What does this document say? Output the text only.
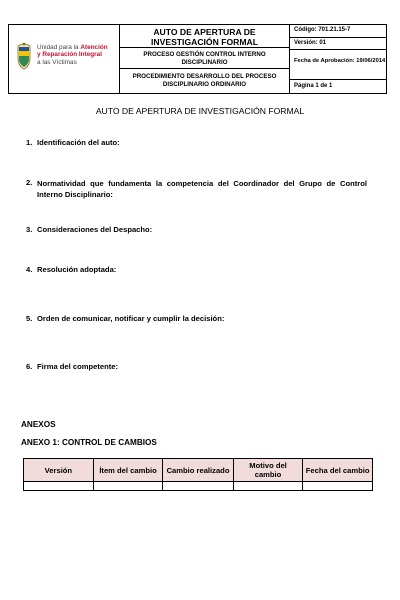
Unidad para la Atención
y Reparación Integral
a las Víctimas
AUTO DE APERTURA DE INVESTIGACIÓN FORMAL
PROCESO GESTIÓN CONTROL INTERNO DISCIPLINARIO
PROCEDIMIENTO DESARROLLO DEL PROCESO DISCIPLINARIO ORDINARIO
Código: 701.21.15-7
Versión: 01
Fecha de Aprobación: 19/06/2014
Página 1 de 1
AUTO DE APERTURA DE INVESTIGACIÓN FORMAL
1. Identificación del auto:
2. Normatividad que fundamenta la competencia del Coordinador del Grupo de Control Interno Disciplinario:
3. Consideraciones del Despacho:
4. Resolución adoptada:
5. Orden de comunicar, notificar y cumplir la decisión:
6. Firma del competente:
ANEXOS
ANEXO 1: CONTROL DE CAMBIOS
Versión	Ítem del cambio	Cambio realizado	Motivo del cambio	Fecha del cambio
